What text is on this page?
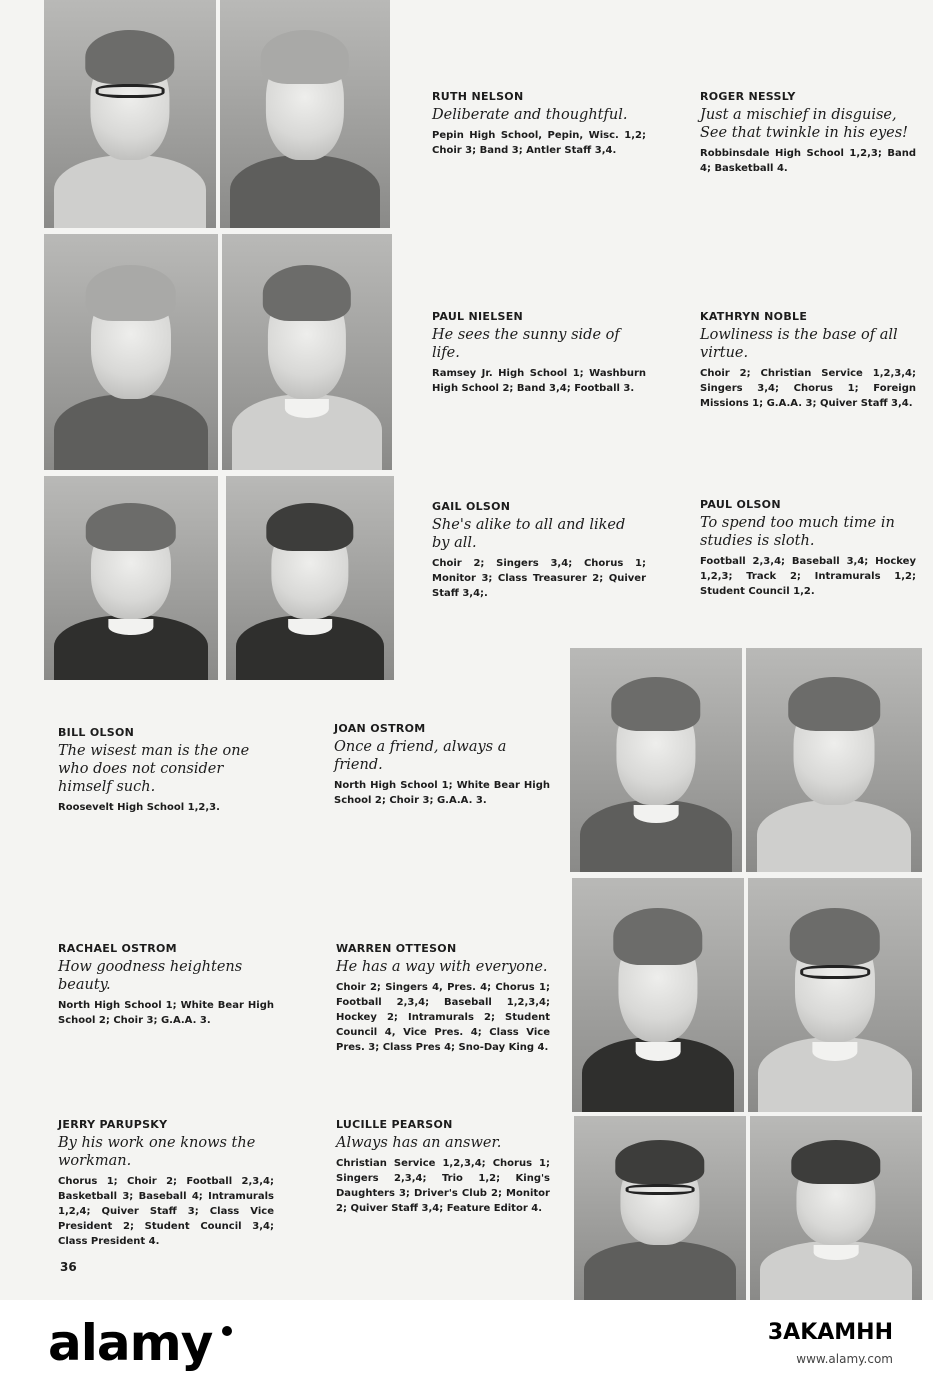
RUTH NELSON

Deliberate and thoughtful.

Pepin High School, Pepin, Wisc. 1,2; Choir 3; Band 3; Antler Staff 3,4.

ROGER NESSLY

Just a mischief in disguise, See that twinkle in his eyes!

Robbinsdale High School 1,2,3; Band 4; Basketball 4.

PAUL NIELSEN

He sees the sunny side of life.

Ramsey Jr. High School 1; Washburn High School 2; Band 3,4; Football 3.

KATHRYN NOBLE

Lowliness is the base of all virtue.

Choir 2; Christian Service 1,2,3,4; Singers 3,4; Chorus 1; Foreign Missions 1; G.A.A. 3; Quiver Staff 3,4.

GAIL OLSON

She's alike to all and liked by all.

Choir 2; Singers 3,4; Chorus 1; Monitor 3; Class Treasurer 2; Quiver Staff 3,4;.

PAUL OLSON

To spend too much time in studies is sloth.

Football 2,3,4; Baseball 3,4; Hockey 1,2,3; Track 2; Intramurals 1,2; Student Council 1,2.

BILL OLSON

The wisest man is the one who does not consider himself such.

Roosevelt High School 1,2,3.

JOAN OSTROM

Once a friend, always a friend.

North High School 1; White Bear High School 2; Choir 3; G.A.A. 3.

RACHAEL OSTROM

How goodness heightens beauty.

North High School 1; White Bear High School 2; Choir 3; G.A.A. 3.

WARREN OTTESON

He has a way with everyone.

Choir 2; Singers 4, Pres. 4; Chorus 1; Football 2,3,4; Baseball 1,2,3,4; Hockey 2; Intramurals 2; Student Council 4, Vice Pres. 4; Class Vice Pres. 3; Class Pres 4; Sno-Day King 4.

JERRY PARUPSKY

By his work one knows the workman.

Chorus 1; Choir 2; Football 2,3,4; Basketball 3; Baseball 4; Intramurals 1,2,4; Quiver Staff 3; Class Vice President 2; Student Council 3,4; Class President 4.

LUCILLE PEARSON

Always has an answer.

Christian Service 1,2,3,4; Chorus 1; Singers 2,3,4; Trio 1,2; King's Daughters 3; Driver's Club 2; Monitor 2; Quiver Staff 3,4; Feature Editor 4.

36
alamy	3AKAMHH
www.alamy.com
